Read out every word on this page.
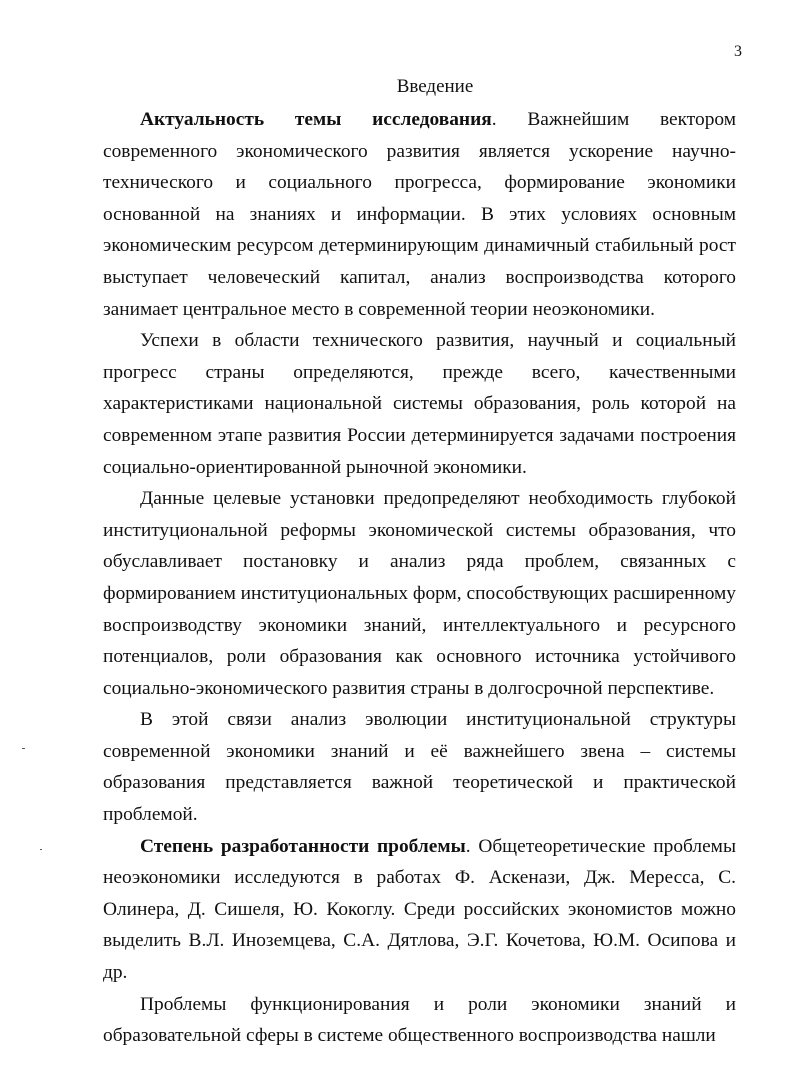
3
Введение

Актуальность темы исследования. Важнейшим вектором современного экономического развития является ускорение научно-технического и социального прогресса, формирование экономики основанной на знаниях и информации. В этих условиях основным экономическим ресурсом детерминирующим динамичный стабильный рост выступает человеческий капитал, анализ воспроизводства которого занимает центральное место в современной теории неоэкономики.

Успехи в области технического развития, научный и социальный прогресс страны определяются, прежде всего, качественными характеристиками национальной системы образования, роль которой на современном этапе развития России детерминируется задачами построения социально-ориентированной рыночной экономики.

Данные целевые установки предопределяют необходимость глубокой институциональной реформы экономической системы образования, что обуславливает постановку и анализ ряда проблем, связанных с формированием институциональных форм, способствующих расширенному воспроизводству экономики знаний, интеллектуального и ресурсного потенциалов, роли образования как основного источника устойчивого социально-экономического развития страны в долгосрочной перспективе.

В этой связи анализ эволюции институциональной структуры современной экономики знаний и её важнейшего звена – системы образования представляется важной теоретической и практической проблемой.

Степень разработанности проблемы. Общетеоретические проблемы неоэкономики исследуются в работах Ф. Аскенази, Дж. Мересса, С. Олинера, Д. Сишеля, Ю. Кокоглу. Среди российских экономистов можно выделить В.Л. Иноземцева, С.А. Дятлова, Э.Г. Кочетова, Ю.М. Осипова и др.

Проблемы функционирования и роли экономики знаний и образовательной сферы в системе общественного воспроизводства нашли
